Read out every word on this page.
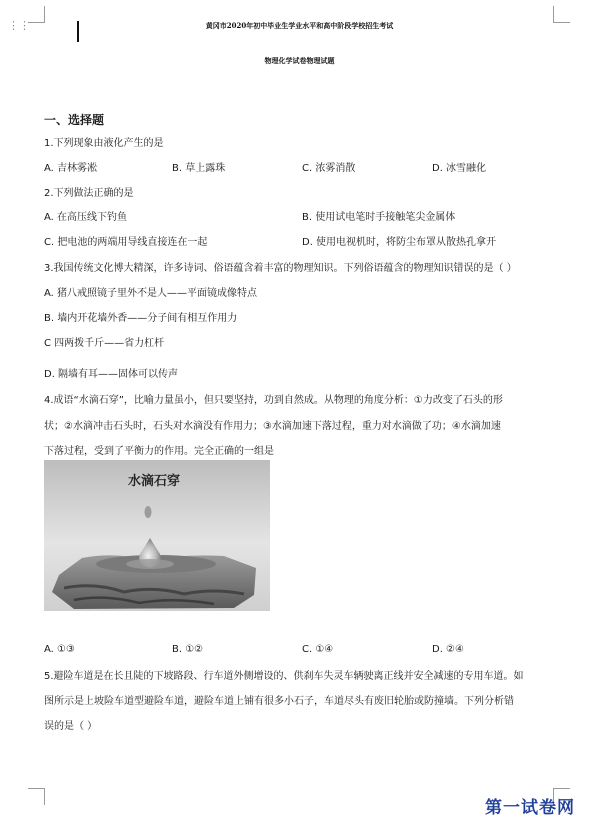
⋮⋮	黄冈市2020年初中毕业生学业水平和高中阶段学校招生考试
物理化学试卷物理试题
一、选择题
1.下列现象由液化产生的是
A. 吉林雾凇	B. 草上露珠	C. 浓雾消散	D. 冰雪融化
2.下列做法正确的是
A. 在高压线下钓鱼	B. 使用试电笔时手接触笔尖金属体
C. 把电池的两端用导线直接连在一起	D. 使用电视机时，将防尘布罩从散热孔拿开
3.我国传统文化博大精深，许多诗词、俗语蕴含着丰富的物理知识。下列俗语蕴含的物理知识错误的是（ ）
A. 猪八戒照镜子里外不是人——平面镜成像特点
B. 墙内开花墙外香——分子间有相互作用力
C 四两拨千斤——省力杠杆
D. 隔墙有耳——固体可以传声
4.成语“水滴石穿”，比喻力量虽小，但只要坚持，功到自然成。从物理的角度分析：①力改变了石头的形
状；②水滴冲击石头时，石头对水滴没有作用力；③水滴加速下落过程，重力对水滴做了功；④水滴加速
下落过程，受到了平衡力的作用。完全正确的一组是
水滴石穿
A. ①③	B. ①②	C. ①④	D. ②④
5.避险车道是在长且陡的下坡路段、行车道外侧增设的、供刹车失灵车辆驶离正线并安全减速的专用车道。如
图所示是上坡险车道型避险车道，避险车道上铺有很多小石子，车道尽头有废旧轮胎或防撞墙。下列分析错
误的是（ ）
第一试卷网
